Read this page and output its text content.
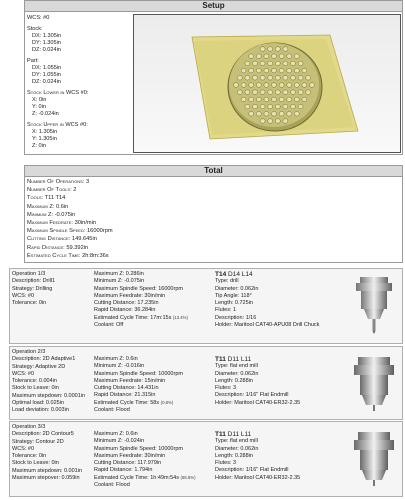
Setup
WCS: #0
Stock:
DX: 1.305in
DY: 1.305in
DZ: 0.024in
Part:
DX: 1.055in
DY: 1.055in
DZ: 0.024in
Stock Lower in WCS #0:
X: 0in
Y: 0in
Z: -0.024in
Stock Upper in WCS #0:
X: 1.305in
Y: 1.305in
Z: 0in
Total
Number Of Operations: 3
Number Of Tools: 2
Tools: T11 T14
Maximum Z: 0.6in
Minimum Z: -0.075in
Maximum Feedrate: 30in/min
Maximum Spindle Speed: 16000rpm
Cutting Distance: 149.645in
Rapid Distance: 59.392in
Estimated Cycle Time: 2h:8m:36s
Operation 1/3
Description: Drill1
Strategy: Drilling
WCS: #0
Tolerance: 0in
Maximum Z: 0.286in
Minimum Z: -0.075in
Maximum Spindle Speed: 16000rpm
Maximum Feedrate: 30in/min
Cutting Distance: 17.235in
Rapid Distance: 36.284in
Estimated Cycle Time: 17m:15s (13.4%)
Coolant: Off
T14 D14 L14
Type: drill
Diameter: 0.062in
Tip Angle: 118°
Length: 0.725in
Flutes: 1
Description: 1/16
Holder: Maritool CAT40-APU08 Drill Chuck
Operation 2/3
Description: 2D Adaptive1
Strategy: Adaptive 2D
WCS: #0
Tolerance: 0.004in
Stock to Leave: 0in
Maximum stepdown: 0.0001in
Optimal load: 0.025in
Load deviation: 0.003in
Maximum Z: 0.6in
Minimum Z: -0.016in
Maximum Spindle Speed: 10000rpm
Maximum Feedrate: 15in/min
Cutting Distance: 14.431in
Rapid Distance: 21.315in
Estimated Cycle Time: 58s (0.8%)
Coolant: Flood
T11 D11 L11
Type: flat end mill
Diameter: 0.062in
Length: 0.288in
Flutes: 3
Description: 1/16" Flat Endmill
Holder: Maritool CAT40-ER32-2.35
Operation 3/3
Description: 2D Contour5
Strategy: Contour 2D
WCS: #0
Tolerance: 0in
Stock to Leave: 0in
Maximum stepdown: 0.001in
Maximum stepover: 0.059in
Maximum Z: 0.6in
Minimum Z: -0.024in
Maximum Spindle Speed: 10000rpm
Maximum Feedrate: 30in/min
Cutting Distance: 117.979in
Rapid Distance: 1.794in
Estimated Cycle Time: 1h:49m:54s (85.5%)
Coolant: Flood
T11 D11 L11
Type: flat end mill
Diameter: 0.062in
Length: 0.288in
Flutes: 3
Description: 1/16" Flat Endmill
Holder: Maritool CAT40-ER32-2.35
